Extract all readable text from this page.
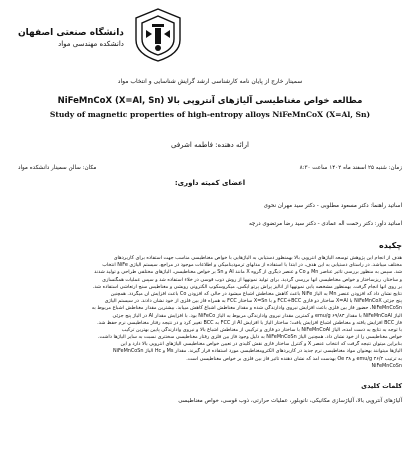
دانشگاه صنعتی اصفهان
دانشکده مهندسی مواد
سمینار خارج از پایان نامه کارشناسی ارشد گرایش شناسایی و انتخاب مواد
مطالعه خواص مغناطیسی آلیاژهای آنتروپی بالا NiFeMnCoX (X=Al, Sn)
Study of magnetic properties of high-entropy alloys NiFeMnCoX (X=Al, Sn)
ارائه دهنده: فاطمه اشرفی
زمان: شنبه ۲۵ اسفند ماه ۱۴۰۲ ساعت ۸:۳۰
مکان: سالن سمینار دانشکده مواد
اعضای کمیته داوری:
اساتید راهنما: دکتر مسعود مطلوبی - دکتر سید مهران نحوی
اساتید داور: دکتر رحمت اله عمادی - دکتر سید رضا مرتضوی درچه
چکیده
هدف از انجام این پژوهش توسعه آلیاژهای آنتروپی بالا بهمنظور دستیابی به آلیاژهایی با خواص مغناطیسی مناسب جهت استفاده برای کاربردهای
مختلف میباشد. در راستای دستیابی به این هدف، در ابتدا با استفاده از مدلهای ترمودینامیکی و اطلاعات موجود در مراجع، سیستم آلیاژی NiFe انتخاب
شد. سپس به منظور بررسی تاثیر عناصر Mn و Co و عنصر دیگری از گروه X مانند Al و Sn بر خواص مغناطیسی، آلیاژهای مختلفی طراحی و تولید شدند
و ساختار، ریزساختار و خواص مغناطیسی آنها بررسی گردید. برای تولید نمونهها از روش ذوب قوسی در خلاء استفاده شد و سپس عملیات همگنسازی
بر روی آنها انجام گرفت. بهمنظور مشخصه یابی نمونهها از آنالیز پراش پرتو ایکس، میکروسکوپ الکترونی روبشی و مغناطیس سنج ارتعاشی استفاده شد.
نتایج نشان داد که افزودن عنصر Mn به آلیاژ NiFe باعث کاهش مغناطش اشباع میشود در حالی که افزودن Co باعث افزایش آن میگردد. همچنین
پنج جزئی NiFeMnCoX با X=Al ساختار دو فازی FCC+BCC و با X=Sn ساختار FCC به همراه فاز بین فلزی از خود نشان دادند. در سیستم آلیاژی
NiFeMnCoSn، حضور فاز بین فلزی باعث افزایش نیروی وادارندگی شده و مقدار مغناطش اشباع کاهش مییابد. بیشترین مقدار مغناطش اشباع مربوط به
آلیاژ NiFeMnCoAl با مقدار emu/g ۶۹/۸۳ و کمترین مقدار نیروی وادارندگی مربوط به آلیاژ NiFeCo بود. با افزایش مقدار Al در آلیاژ پنج جزئی
فاز BCC افزایش یافته و مغناطش اشباع افزایش یافت؛ ساختار آلیاژ با افزایش Al از FCC به BCC تغییر کرد و در نتیجه رفتار مغناطیسی نرم حفظ شد.
با توجه به نتایج به دست آمده، آلیاژ NiFeMnCoAl با ساختار دو فازی و ترکیبی از مغناطش اشباع بالا و نیروی وادارندگی پایین بهترین ترکیب
خواص مغناطیسی را از خود نشان داد. همچنین آلیاژ NiFeMnCoSn به دلیل وجود فاز بین فلزی رفتار مغناطیسی سختتری نسبت به سایر آلیاژها داشت.
بنابراین میتوان نتیجه گرفت که انتخاب عنصر X و کنترل ساختار فازی نقش کلیدی در تعیین خواص مغناطیسی آلیاژهای آنتروپی بالا دارد و این
آلیاژها میتوانند بهعنوان مواد مغناطیسی نرم جدید در کاربردهای الکترومغناطیسی مورد استفاده قرار گیرند. مقدار Ms و Hc آلیاژ NiFeMnCoSn
به ترتیب emu/g ۴۶/۲ و Oe ۳۸ بهدست آمد که نشان دهنده تاثیر فاز بین فلزی بر خواص مغناطیسی است.
NiFeMnCoSn
کلمات کلیدی
آلیاژهای آنتروپی بالا، آلیاژسازی مکانیکی، نانوبلور، عملیات حرارتی، ذوب قوسی، خواص مغناطیسی
